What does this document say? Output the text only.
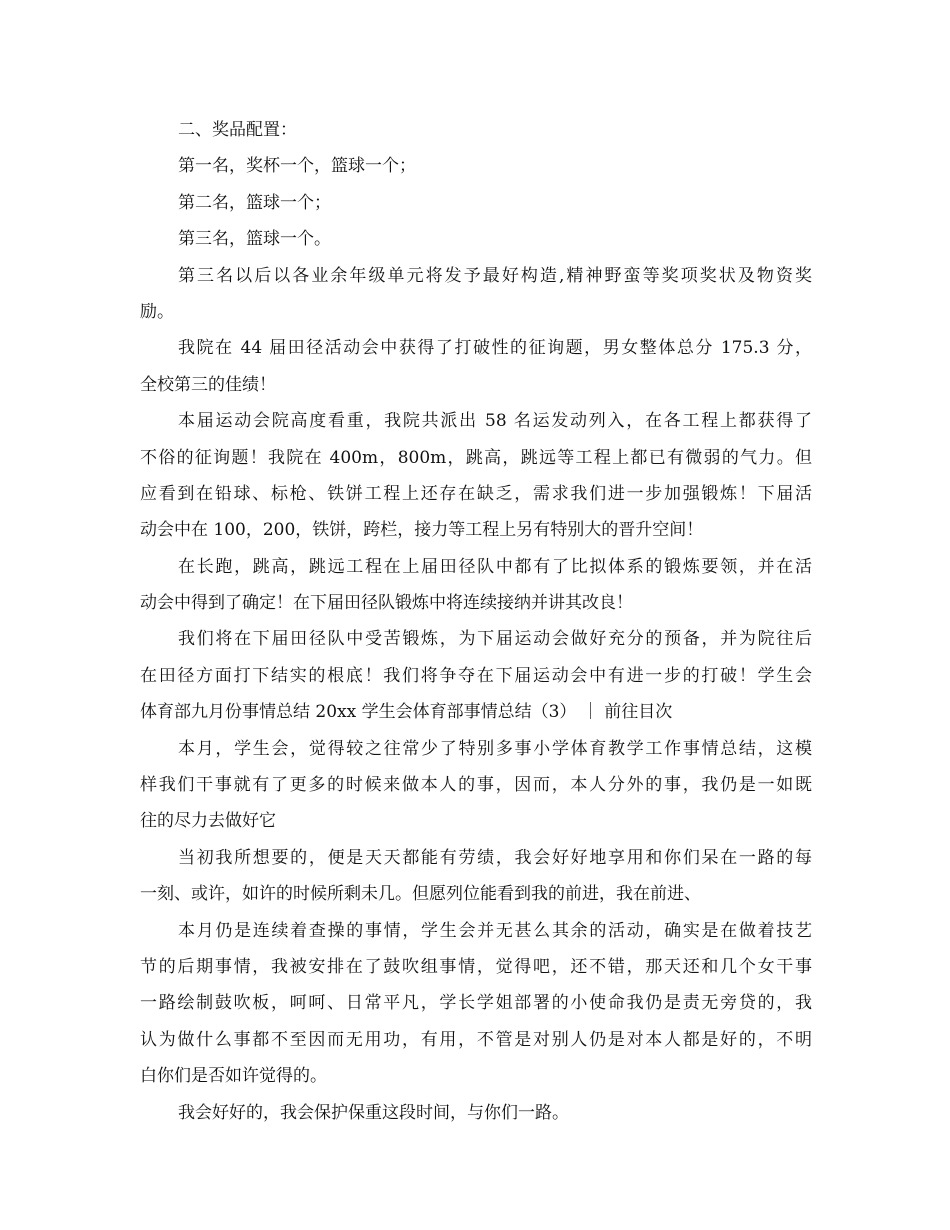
二、奖品配置：
第一名，奖杯一个，篮球一个；
第二名，篮球一个；
第三名，篮球一个。
第三名以后以各业余年级单元将发予最好构造,精神野蛮等奖项奖状及物资奖
励。
我院在 44 届田径活动会中获得了打破性的征询题，男女整体总分 175.3 分，
全校第三的佳绩！
本届运动会院高度看重，我院共派出 58 名运发动列入，在各工程上都获得了
不俗的征询题！我院在 400m，800m，跳高，跳远等工程上都已有微弱的气力。但
应看到在铅球、标枪、铁饼工程上还存在缺乏，需求我们进一步加强锻炼！下届活
动会中在 100，200，铁饼，跨栏，接力等工程上另有特别大的晋升空间！
在长跑，跳高，跳远工程在上届田径队中都有了比拟体系的锻炼要领，并在活
动会中得到了确定！在下届田径队锻炼中将连续接纳并讲其改良！
我们将在下届田径队中受苦锻炼，为下届运动会做好充分的预备，并为院往后
在田径方面打下结实的根底！我们将争夺在下届运动会中有进一步的打破！学生会
体育部九月份事情总结 20xx 学生会体育部事情总结（3） ｜ 前往目次
本月，学生会，觉得较之往常少了特别多事小学体育教学工作事情总结，这模
样我们干事就有了更多的时候来做本人的事，因而，本人分外的事，我仍是一如既
往的尽力去做好它
当初我所想要的，便是天天都能有劳绩，我会好好地享用和你们呆在一路的每
一刻、或许，如许的时候所剩未几。但愿列位能看到我的前进，我在前进、
本月仍是连续着查操的事情，学生会并无甚么其余的活动，确实是在做着技艺
节的后期事情，我被安排在了鼓吹组事情，觉得吧，还不错，那天还和几个女干事
一路绘制鼓吹板，呵呵、日常平凡，学长学姐部署的小使命我仍是责无旁贷的，我
认为做什么事都不至因而无用功，有用，不管是对别人仍是对本人都是好的，不明
白你们是否如许觉得的。
我会好好的，我会保护保重这段时间，与你们一路。
